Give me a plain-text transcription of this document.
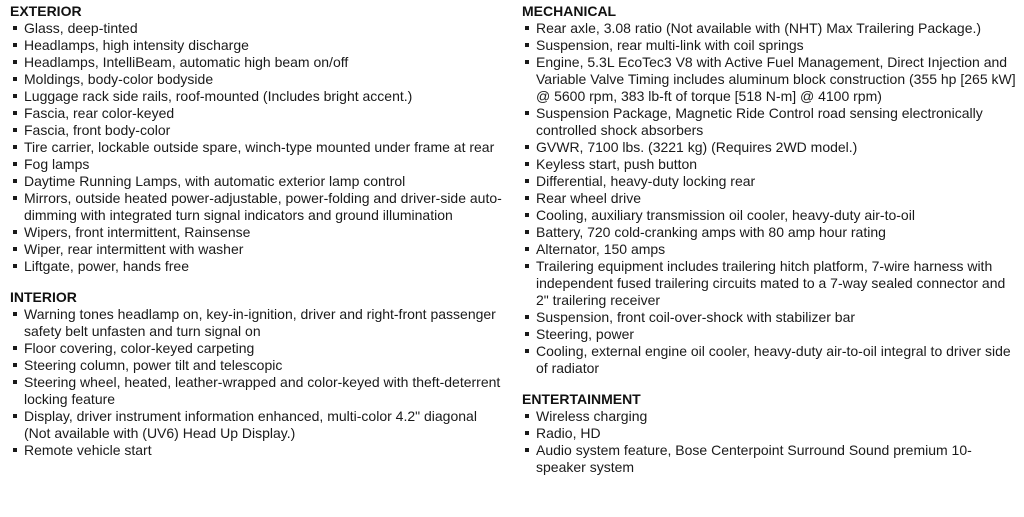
EXTERIOR
Glass, deep-tinted
Headlamps, high intensity discharge
Headlamps, IntelliBeam, automatic high beam on/off
Moldings, body-color bodyside
Luggage rack side rails, roof-mounted (Includes bright accent.)
Fascia, rear color-keyed
Fascia, front body-color
Tire carrier, lockable outside spare, winch-type mounted under frame at rear
Fog lamps
Daytime Running Lamps, with automatic exterior lamp control
Mirrors, outside heated power-adjustable, power-folding and driver-side auto-dimming with integrated turn signal indicators and ground illumination
Wipers, front intermittent, Rainsense
Wiper, rear intermittent with washer
Liftgate, power, hands free
INTERIOR
Warning tones headlamp on, key-in-ignition, driver and right-front passenger safety belt unfasten and turn signal on
Floor covering, color-keyed carpeting
Steering column, power tilt and telescopic
Steering wheel, heated, leather-wrapped and color-keyed with theft-deterrent locking feature
Display, driver instrument information enhanced, multi-color 4.2" diagonal (Not available with (UV6) Head Up Display.)
Remote vehicle start
MECHANICAL
Rear axle, 3.08 ratio (Not available with (NHT) Max Trailering Package.)
Suspension, rear multi-link with coil springs
Engine, 5.3L EcoTec3 V8 with Active Fuel Management, Direct Injection and Variable Valve Timing includes aluminum block construction (355 hp [265 kW] @ 5600 rpm, 383 lb-ft of torque [518 N-m] @ 4100 rpm)
Suspension Package, Magnetic Ride Control road sensing electronically controlled shock absorbers
GVWR, 7100 lbs. (3221 kg) (Requires 2WD model.)
Keyless start, push button
Differential, heavy-duty locking rear
Rear wheel drive
Cooling, auxiliary transmission oil cooler, heavy-duty air-to-oil
Battery, 720 cold-cranking amps with 80 amp hour rating
Alternator, 150 amps
Trailering equipment includes trailering hitch platform, 7-wire harness with independent fused trailering circuits mated to a 7-way sealed connector and 2" trailering receiver
Suspension, front coil-over-shock with stabilizer bar
Steering, power
Cooling, external engine oil cooler, heavy-duty air-to-oil integral to driver side of radiator
ENTERTAINMENT
Wireless charging
Radio, HD
Audio system feature, Bose Centerpoint Surround Sound premium 10-speaker system
